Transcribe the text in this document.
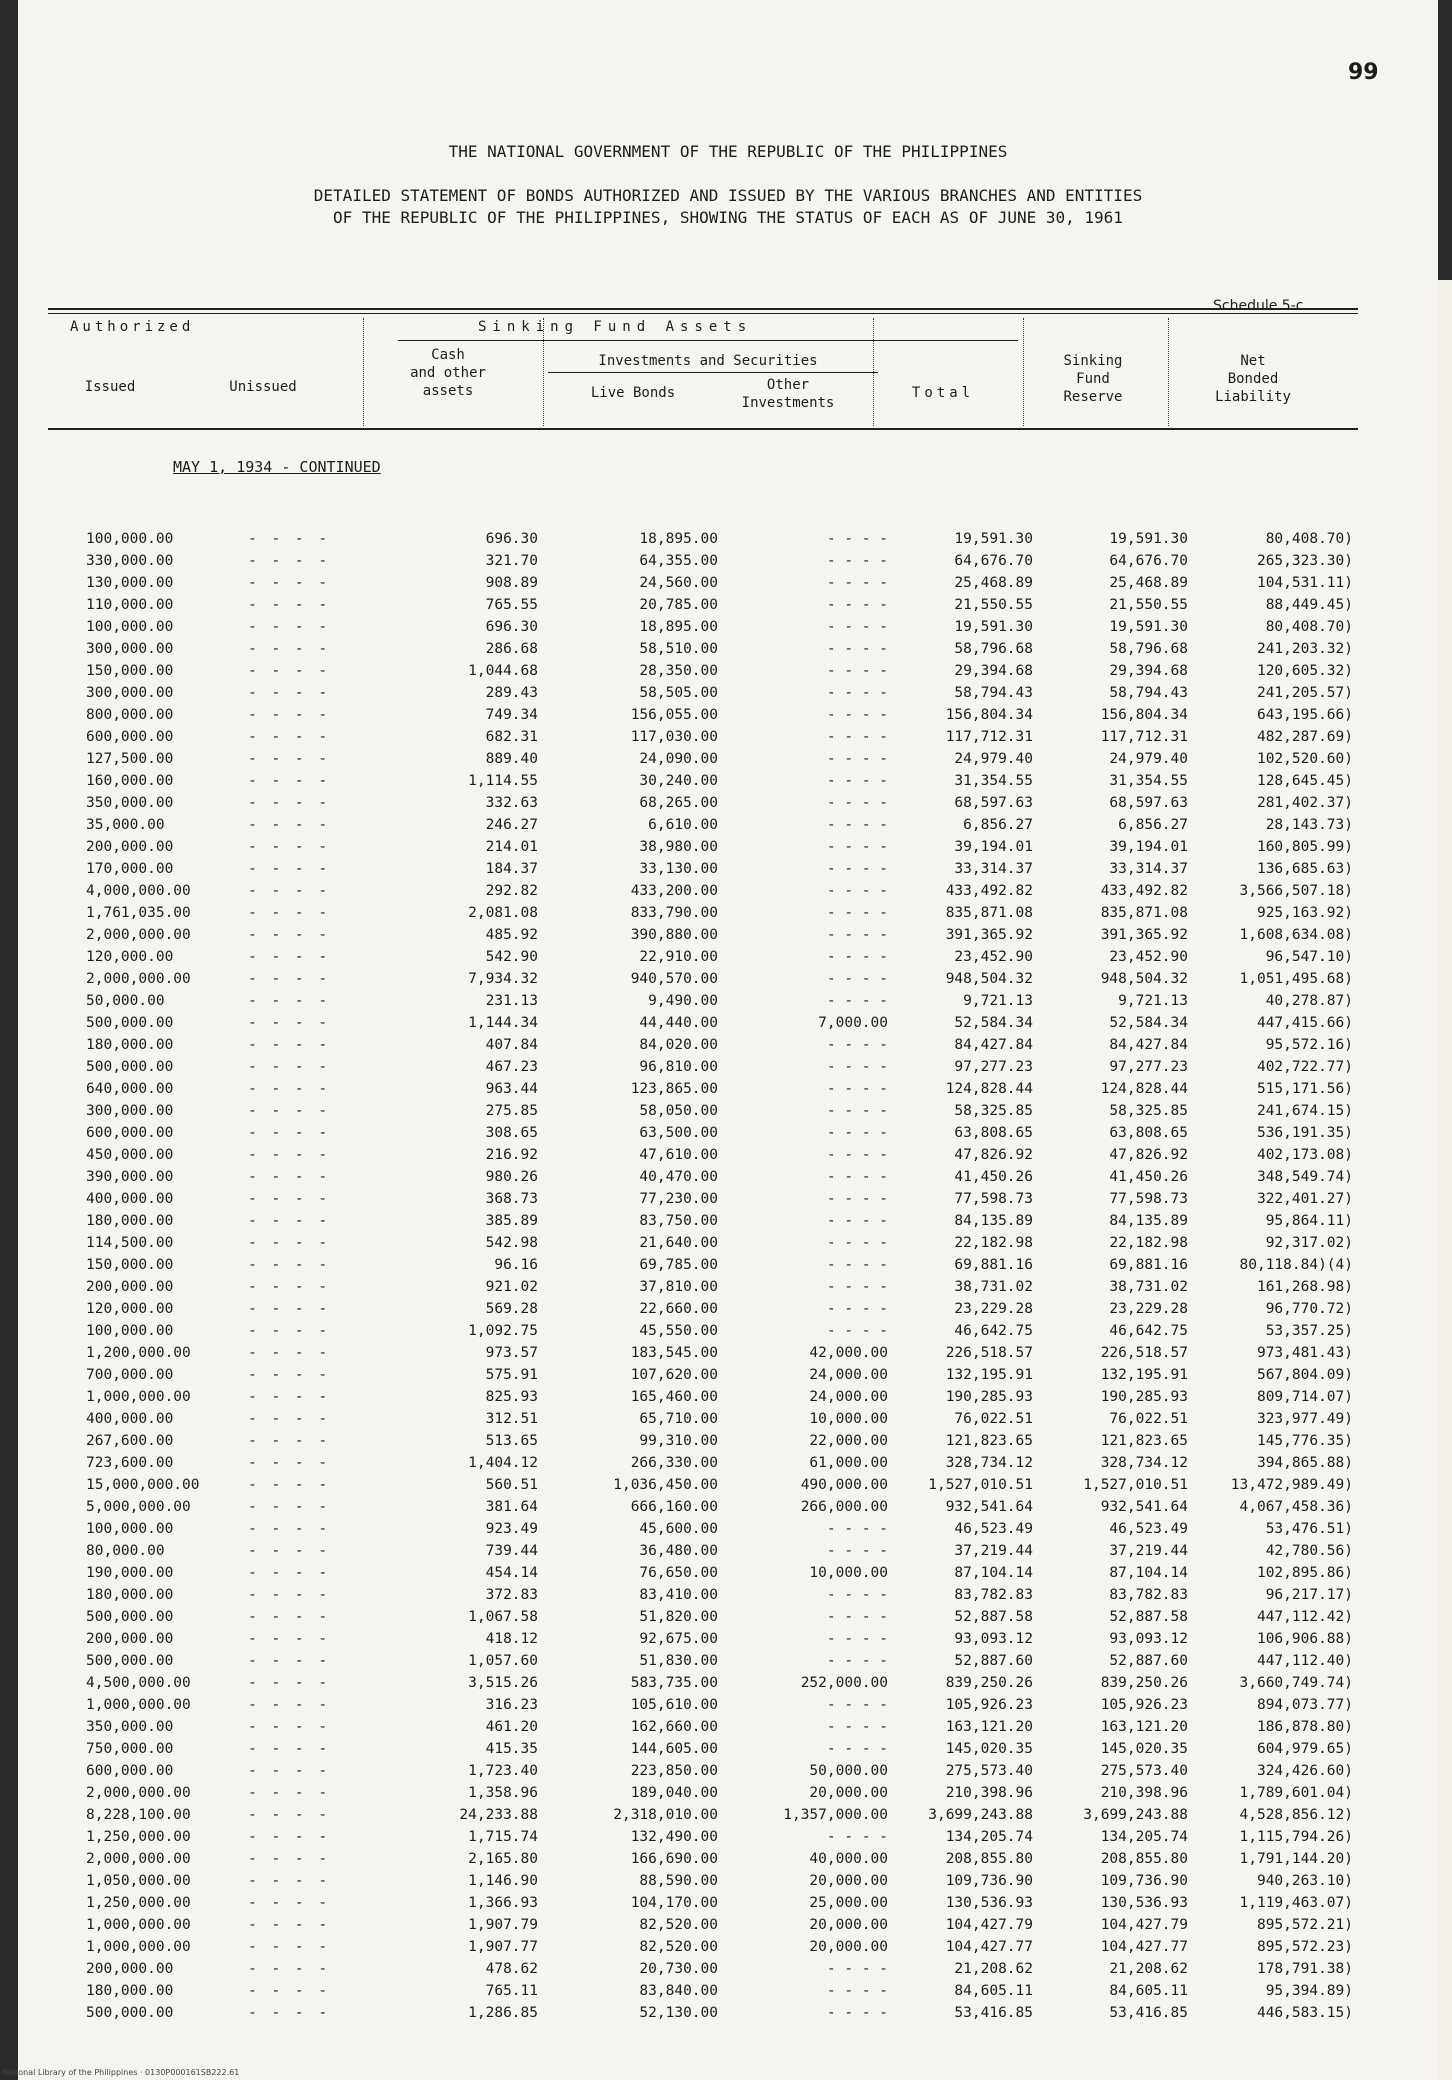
99
THE NATIONAL GOVERNMENT OF THE REPUBLIC OF THE PHILIPPINES
DETAILED STATEMENT OF BONDS AUTHORIZED AND ISSUED BY THE VARIOUS BRANCHES AND ENTITIES
OF THE REPUBLIC OF THE PHILIPPINES, SHOWING THE STATUS OF EACH AS OF JUNE 30, 1961
Schedule 5-c
Authorized	Sinking Fund Assets
Issued	Unissued
Cash
and other
assets
Investments and Securities
Live Bonds	Other
Investments
Total
Sinking
Fund
Reserve
Net
Bonded
Liability
MAY 1, 1934 - CONTINUED
100,000.00	- - - -	696.30	18,895.00	- - - -	19,591.30	19,591.30	80,408.70)
330,000.00	- - - -	321.70	64,355.00	- - - -	64,676.70	64,676.70	265,323.30)
130,000.00	- - - -	908.89	24,560.00	- - - -	25,468.89	25,468.89	104,531.11)
110,000.00	- - - -	765.55	20,785.00	- - - -	21,550.55	21,550.55	88,449.45)
100,000.00	- - - -	696.30	18,895.00	- - - -	19,591.30	19,591.30	80,408.70)
300,000.00	- - - -	286.68	58,510.00	- - - -	58,796.68	58,796.68	241,203.32)
150,000.00	- - - -	1,044.68	28,350.00	- - - -	29,394.68	29,394.68	120,605.32)
300,000.00	- - - -	289.43	58,505.00	- - - -	58,794.43	58,794.43	241,205.57)
800,000.00	- - - -	749.34	156,055.00	- - - -	156,804.34	156,804.34	643,195.66)
600,000.00	- - - -	682.31	117,030.00	- - - -	117,712.31	117,712.31	482,287.69)
127,500.00	- - - -	889.40	24,090.00	- - - -	24,979.40	24,979.40	102,520.60)
160,000.00	- - - -	1,114.55	30,240.00	- - - -	31,354.55	31,354.55	128,645.45)
350,000.00	- - - -	332.63	68,265.00	- - - -	68,597.63	68,597.63	281,402.37)
35,000.00	- - - -	246.27	6,610.00	- - - -	6,856.27	6,856.27	28,143.73)
200,000.00	- - - -	214.01	38,980.00	- - - -	39,194.01	39,194.01	160,805.99)
170,000.00	- - - -	184.37	33,130.00	- - - -	33,314.37	33,314.37	136,685.63)
4,000,000.00	- - - -	292.82	433,200.00	- - - -	433,492.82	433,492.82	3,566,507.18)
1,761,035.00	- - - -	2,081.08	833,790.00	- - - -	835,871.08	835,871.08	925,163.92)
2,000,000.00	- - - -	485.92	390,880.00	- - - -	391,365.92	391,365.92	1,608,634.08)
120,000.00	- - - -	542.90	22,910.00	- - - -	23,452.90	23,452.90	96,547.10)
2,000,000.00	- - - -	7,934.32	940,570.00	- - - -	948,504.32	948,504.32	1,051,495.68)
50,000.00	- - - -	231.13	9,490.00	- - - -	9,721.13	9,721.13	40,278.87)
500,000.00	- - - -	1,144.34	44,440.00	7,000.00	52,584.34	52,584.34	447,415.66)
180,000.00	- - - -	407.84	84,020.00	- - - -	84,427.84	84,427.84	95,572.16)
500,000.00	- - - -	467.23	96,810.00	- - - -	97,277.23	97,277.23	402,722.77)
640,000.00	- - - -	963.44	123,865.00	- - - -	124,828.44	124,828.44	515,171.56)
300,000.00	- - - -	275.85	58,050.00	- - - -	58,325.85	58,325.85	241,674.15)
600,000.00	- - - -	308.65	63,500.00	- - - -	63,808.65	63,808.65	536,191.35)
450,000.00	- - - -	216.92	47,610.00	- - - -	47,826.92	47,826.92	402,173.08)
390,000.00	- - - -	980.26	40,470.00	- - - -	41,450.26	41,450.26	348,549.74)
400,000.00	- - - -	368.73	77,230.00	- - - -	77,598.73	77,598.73	322,401.27)
180,000.00	- - - -	385.89	83,750.00	- - - -	84,135.89	84,135.89	95,864.11)
114,500.00	- - - -	542.98	21,640.00	- - - -	22,182.98	22,182.98	92,317.02)
150,000.00	- - - -	96.16	69,785.00	- - - -	69,881.16	69,881.16	80,118.84)(4)
200,000.00	- - - -	921.02	37,810.00	- - - -	38,731.02	38,731.02	161,268.98)
120,000.00	- - - -	569.28	22,660.00	- - - -	23,229.28	23,229.28	96,770.72)
100,000.00	- - - -	1,092.75	45,550.00	- - - -	46,642.75	46,642.75	53,357.25)
1,200,000.00	- - - -	973.57	183,545.00	42,000.00	226,518.57	226,518.57	973,481.43)
700,000.00	- - - -	575.91	107,620.00	24,000.00	132,195.91	132,195.91	567,804.09)
1,000,000.00	- - - -	825.93	165,460.00	24,000.00	190,285.93	190,285.93	809,714.07)
400,000.00	- - - -	312.51	65,710.00	10,000.00	76,022.51	76,022.51	323,977.49)
267,600.00	- - - -	513.65	99,310.00	22,000.00	121,823.65	121,823.65	145,776.35)
723,600.00	- - - -	1,404.12	266,330.00	61,000.00	328,734.12	328,734.12	394,865.88)
15,000,000.00	- - - -	560.51	1,036,450.00	490,000.00	1,527,010.51	1,527,010.51	13,472,989.49)
5,000,000.00	- - - -	381.64	666,160.00	266,000.00	932,541.64	932,541.64	4,067,458.36)
100,000.00	- - - -	923.49	45,600.00	- - - -	46,523.49	46,523.49	53,476.51)
80,000.00	- - - -	739.44	36,480.00	- - - -	37,219.44	37,219.44	42,780.56)
190,000.00	- - - -	454.14	76,650.00	10,000.00	87,104.14	87,104.14	102,895.86)
180,000.00	- - - -	372.83	83,410.00	- - - -	83,782.83	83,782.83	96,217.17)
500,000.00	- - - -	1,067.58	51,820.00	- - - -	52,887.58	52,887.58	447,112.42)
200,000.00	- - - -	418.12	92,675.00	- - - -	93,093.12	93,093.12	106,906.88)
500,000.00	- - - -	1,057.60	51,830.00	- - - -	52,887.60	52,887.60	447,112.40)
4,500,000.00	- - - -	3,515.26	583,735.00	252,000.00	839,250.26	839,250.26	3,660,749.74)
1,000,000.00	- - - -	316.23	105,610.00	- - - -	105,926.23	105,926.23	894,073.77)
350,000.00	- - - -	461.20	162,660.00	- - - -	163,121.20	163,121.20	186,878.80)
750,000.00	- - - -	415.35	144,605.00	- - - -	145,020.35	145,020.35	604,979.65)
600,000.00	- - - -	1,723.40	223,850.00	50,000.00	275,573.40	275,573.40	324,426.60)
2,000,000.00	- - - -	1,358.96	189,040.00	20,000.00	210,398.96	210,398.96	1,789,601.04)
8,228,100.00	- - - -	24,233.88	2,318,010.00	1,357,000.00	3,699,243.88	3,699,243.88	4,528,856.12)
1,250,000.00	- - - -	1,715.74	132,490.00	- - - -	134,205.74	134,205.74	1,115,794.26)
2,000,000.00	- - - -	2,165.80	166,690.00	40,000.00	208,855.80	208,855.80	1,791,144.20)
1,050,000.00	- - - -	1,146.90	88,590.00	20,000.00	109,736.90	109,736.90	940,263.10)
1,250,000.00	- - - -	1,366.93	104,170.00	25,000.00	130,536.93	130,536.93	1,119,463.07)
1,000,000.00	- - - -	1,907.79	82,520.00	20,000.00	104,427.79	104,427.79	895,572.21)
1,000,000.00	- - - -	1,907.77	82,520.00	20,000.00	104,427.77	104,427.77	895,572.23)
200,000.00	- - - -	478.62	20,730.00	- - - -	21,208.62	21,208.62	178,791.38)
180,000.00	- - - -	765.11	83,840.00	- - - -	84,605.11	84,605.11	95,394.89)
500,000.00	- - - -	1,286.85	52,130.00	- - - -	53,416.85	53,416.85	446,583.15)
National Library of the Philippines · 0130P000161SB222.61
